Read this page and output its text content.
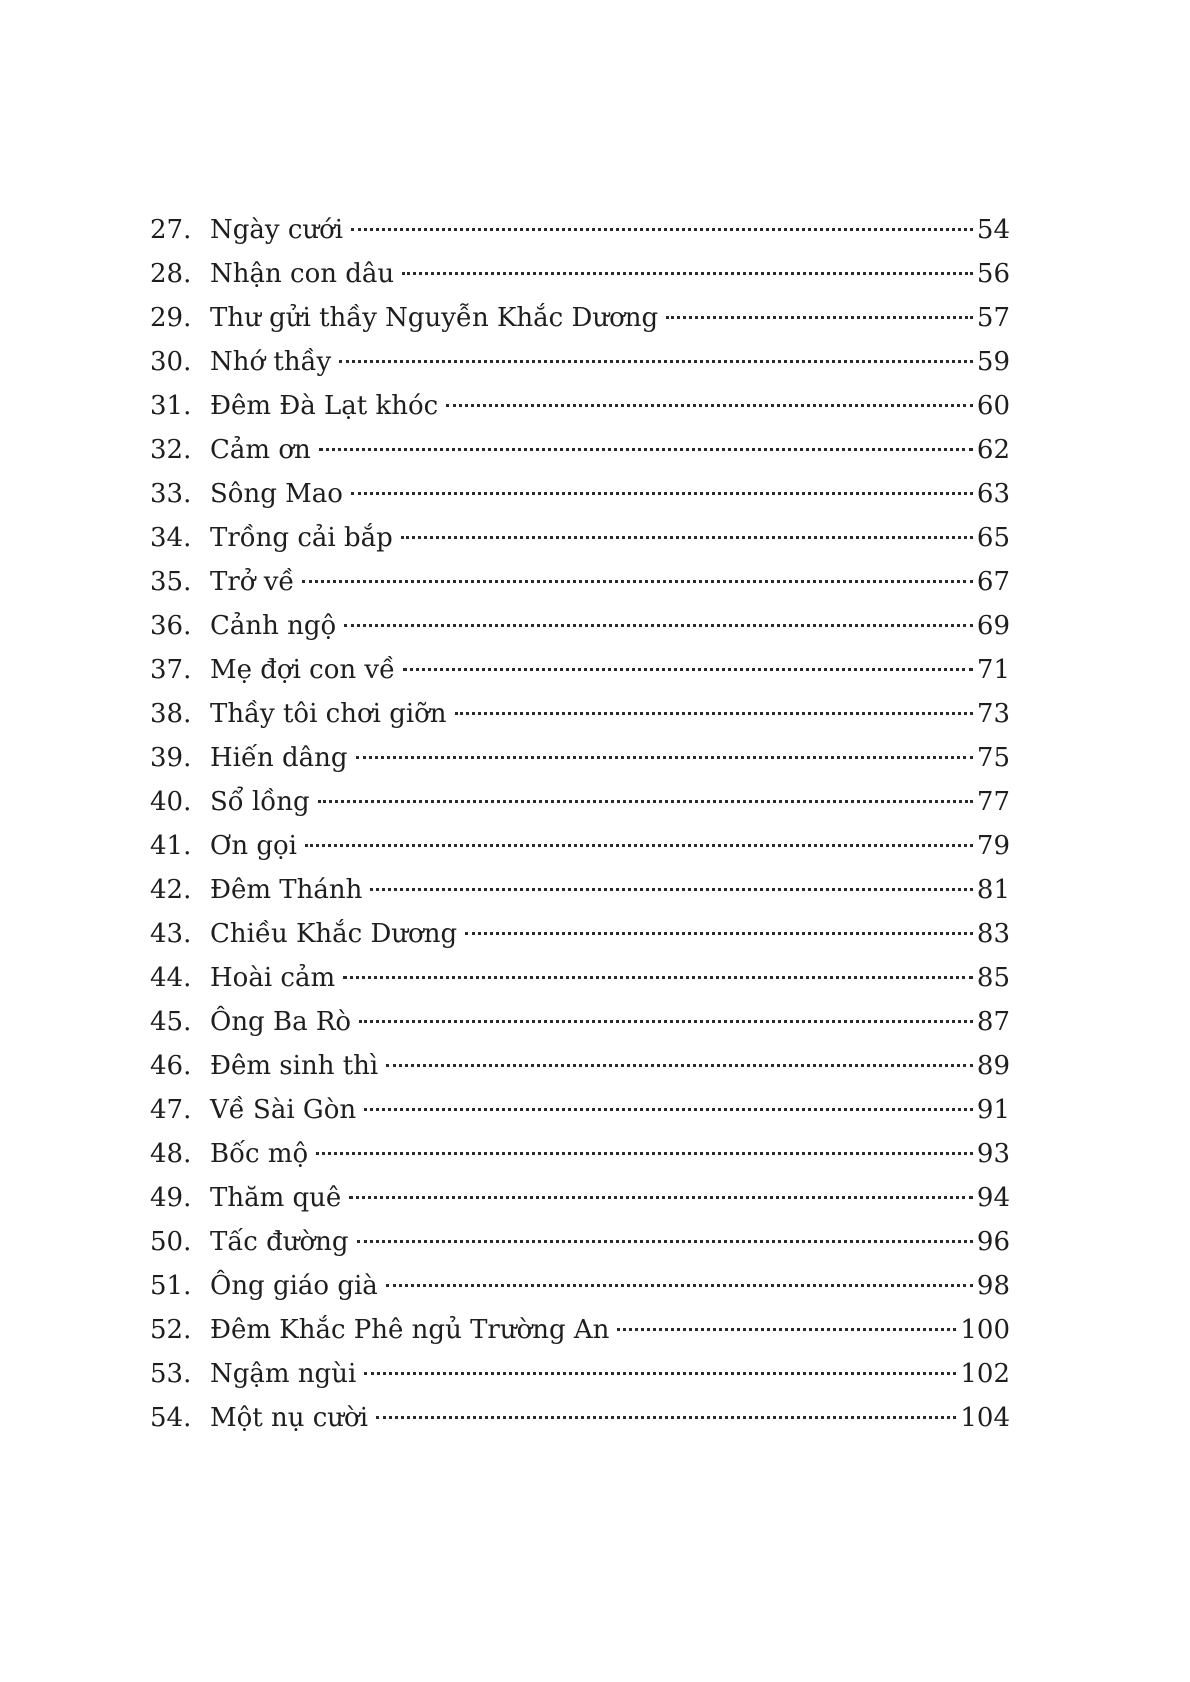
27. Ngày cưới	54
28. Nhận con dâu	56
29. Thư gửi thầy Nguyễn Khắc Dương	57
30. Nhớ thầy	59
31. Đêm Đà Lạt khóc	60
32. Cảm ơn	62
33. Sông Mao	63
34. Trồng cải bắp	65
35. Trở về	67
36. Cảnh ngộ	69
37. Mẹ đợi con về	71
38. Thầy tôi chơi giỡn	73
39. Hiến dâng	75
40. Sổ lồng	77
41. Ơn gọi	79
42. Đêm Thánh	81
43. Chiều Khắc Dương	83
44. Hoài cảm	85
45. Ông Ba Rò	87
46. Đêm sinh thì	89
47. Về Sài Gòn	91
48. Bốc mộ	93
49. Thăm quê	94
50. Tấc đường	96
51. Ông giáo già	98
52. Đêm Khắc Phê ngủ Trường An	100
53. Ngậm ngùi	102
54. Một nụ cười	104
